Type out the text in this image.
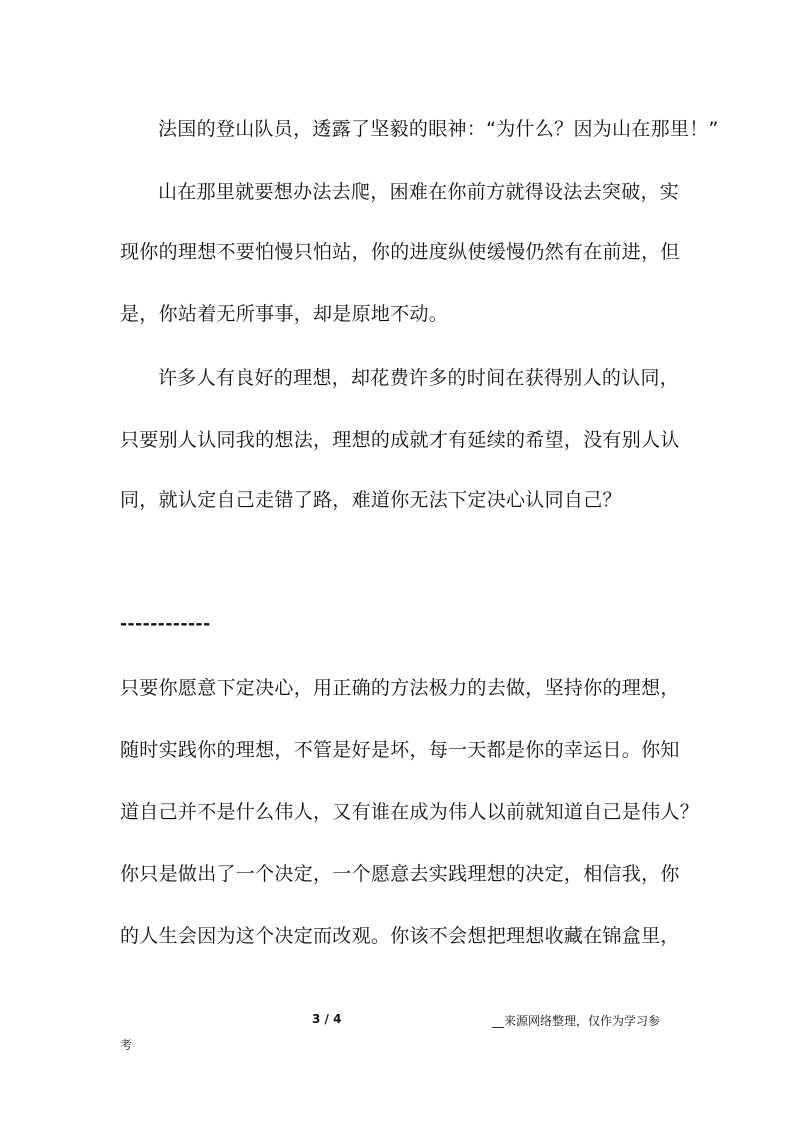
法国的登山队员，透露了坚毅的眼神：“为什么？因为山在那里！”
山在那里就要想办法去爬，困难在你前方就得设法去突破，实
现你的理想不要怕慢只怕站，你的进度纵使缓慢仍然有在前进，但
是，你站着无所事事，却是原地不动。
许多人有良好的理想，却花费许多的时间在获得别人的认同，
只要别人认同我的想法，理想的成就才有延续的希望，没有别人认
同，就认定自己走错了路，难道你无法下定决心认同自己？
------------
只要你愿意下定决心，用正确的方法极力的去做，坚持你的理想，
随时实践你的理想，不管是好是坏，每一天都是你的幸运日。你知
道自己并不是什么伟人，又有谁在成为伟人以前就知道自己是伟人？
你只是做出了一个决定，一个愿意去实践理想的决定，相信我，你
的人生会因为这个决定而改观。你该不会想把理想收藏在锦盒里，
3 / 4	__来源网络整理，仅作为学习参
考
